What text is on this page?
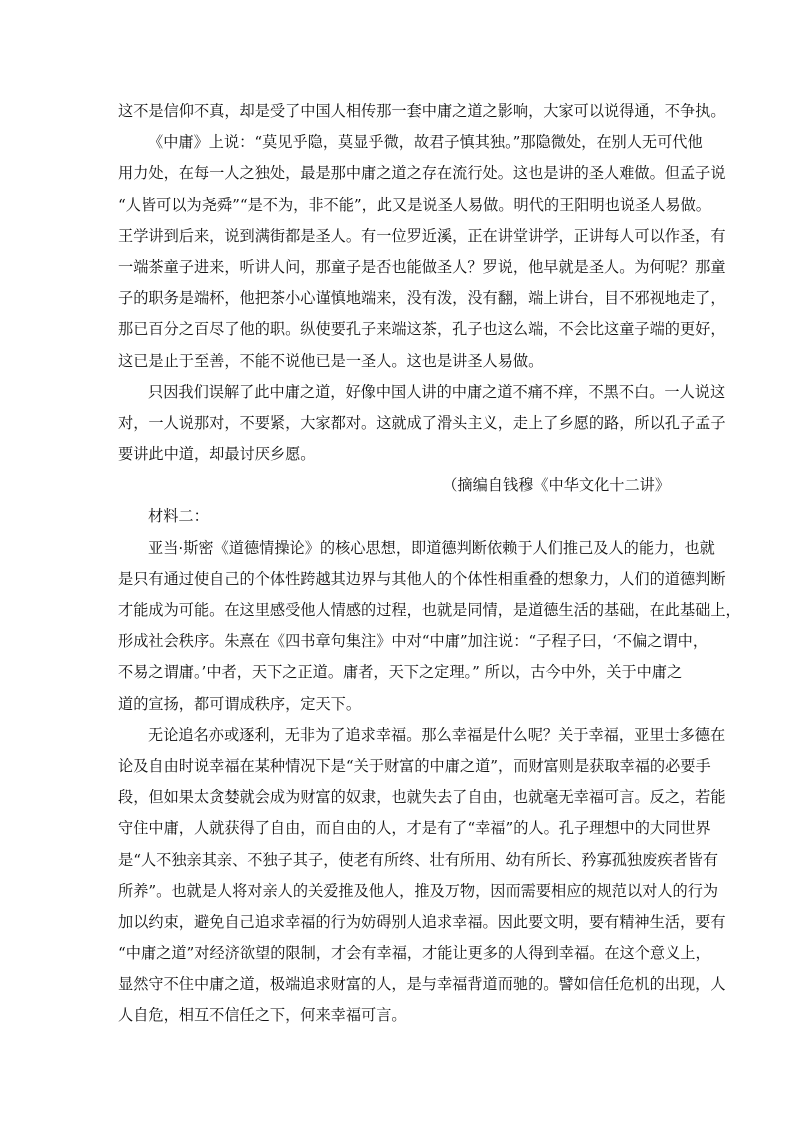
这不是信仰不真，却是受了中国人相传那一套中庸之道之影响，大家可以说得通，不争执。
《中庸》上说：“莫见乎隐，莫显乎微，故君子慎其独。”那隐微处，在别人无可代他
用力处，在每一人之独处，最是那中庸之道之存在流行处。这也是讲的圣人难做。但孟子说
“人皆可以为尧舜”“是不为，非不能”，此又是说圣人易做。明代的王阳明也说圣人易做。
王学讲到后来，说到满街都是圣人。有一位罗近溪，正在讲堂讲学，正讲每人可以作圣，有
一端茶童子进来，听讲人问，那童子是否也能做圣人？罗说，他早就是圣人。为何呢？那童
子的职务是端杯，他把茶小心谨慎地端来，没有泼，没有翻，端上讲台，目不邪视地走了，
那已百分之百尽了他的职。纵使要孔子来端这茶，孔子也这么端，不会比这童子端的更好，
这已是止于至善，不能不说他已是一圣人。这也是讲圣人易做。
只因我们误解了此中庸之道，好像中国人讲的中庸之道不痛不痒，不黑不白。一人说这
对，一人说那对，不要紧，大家都对。这就成了滑头主义，走上了乡愿的路，所以孔子孟子
要讲此中道，却最讨厌乡愿。
（摘编自钱穆《中华文化十二讲》
材料二：
亚当·斯密《道德情操论》的核心思想，即道德判断依赖于人们推己及人的能力，也就
是只有通过使自己的个体性跨越其边界与其他人的个体性相重叠的想象力，人们的道德判断
才能成为可能。在这里感受他人情感的过程，也就是同情，是道德生活的基础，在此基础上，
形成社会秩序。朱熹在《四书章句集注》中对“中庸”加注说：“子程子曰，‘不偏之谓中，
不易之谓庸。’中者，天下之正道。庸者，天下之定理。” 所以，古今中外，关于中庸之
道的宣扬，都可谓成秩序，定天下。
无论追名亦或逐利，无非为了追求幸福。那么幸福是什么呢？关于幸福，亚里士多德在
论及自由时说幸福在某种情况下是“关于财富的中庸之道”，而财富则是获取幸福的必要手
段，但如果太贪婪就会成为财富的奴隶，也就失去了自由，也就毫无幸福可言。反之，若能
守住中庸，人就获得了自由，而自由的人，才是有了“幸福”的人。孔子理想中的大同世界
是“人不独亲其亲、不独子其子，使老有所终、壮有所用、幼有所长、矜寡孤独废疾者皆有
所养”。也就是人将对亲人的关爱推及他人，推及万物，因而需要相应的规范以对人的行为
加以约束，避免自己追求幸福的行为妨碍别人追求幸福。因此要文明，要有精神生活，要有
“中庸之道”对经济欲望的限制，才会有幸福，才能让更多的人得到幸福。在这个意义上，
显然守不住中庸之道，极端追求财富的人，是与幸福背道而驰的。譬如信任危机的出现，人
人自危，相互不信任之下，何来幸福可言。
